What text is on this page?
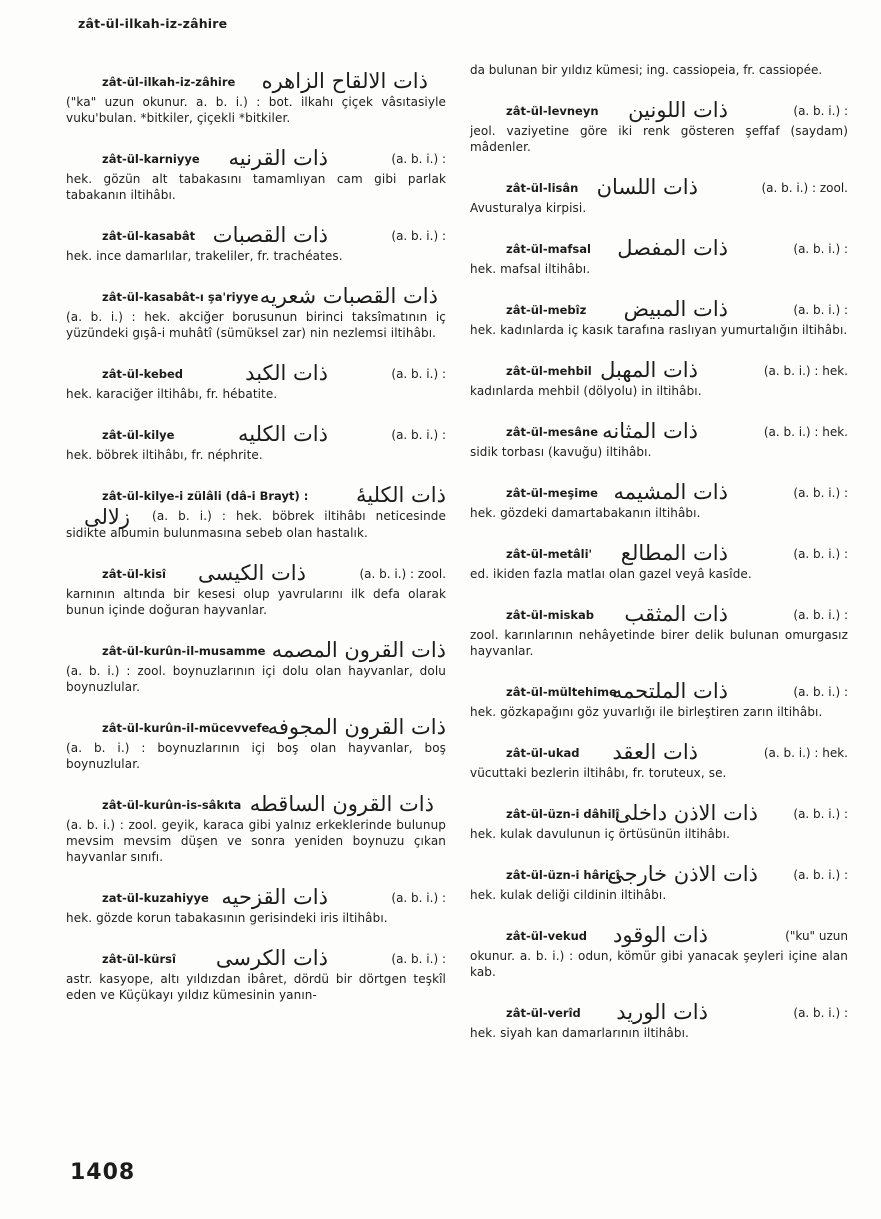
zât-ül-ilkah-iz-zâhire
zât-ül-ilkah-iz-zâhire ذات الالقاح الزاهره
("ka" uzun okunur. a. b. i.) : bot. ilkahı çiçek vâsıtasiyle vuku'bulan. *bitkiler, çiçekli *bitkiler.
zât-ül-karniyye ذات القرنيه	(a. b. i.) :
hek. gözün alt tabakasını tamamlıyan cam gibi parlak tabakanın iltihâbı.
zât-ül-kasabât ذات القصبات	(a. b. i.) :
hek. ince damarlılar, trakeliler, fr. trachéates.
zât-ül-kasabât-ı şa'riyye ذات القصبات شعريه
(a. b. i.) : hek. akciğer borusunun birinci taksîmatının iç yüzündeki gışâ-i muhâtî (sümüksel zar) nin nezlemsi iltihâbı.
zât-ül-kebed	ذات الكبد	(a. b. i.) :
hek. karaciğer iltihâbı, fr. hébatite.
zât-ül-kilye	ذات الكليه	(a. b. i.) :
hek. böbrek iltihâbı, fr. néphrite.
zât-ül-kilye-i zülâli (dâ-i Brayt) : ذات الكليهٔ
زلالى (a. b. i.) : hek. böbrek iltihâbı neticesinde sidikte albumin bulunmasına sebeb olan hastalık.
zât-ül-kisî ذات الكيسى	(a. b. i.) : zool.
karnının altında bir kesesi olup yavrularını ilk defa olarak bunun içinde doğuran hayvanlar.
zât-ül-kurûn-il-musamme ذات القرون المصمه
(a. b. i.) : zool. boynuzlarının içi dolu olan hayvanlar, dolu boynuzlular.
zât-ül-kurûn-il-mücevvefe
ذات القرون المجوفه
(a. b. i.) : boynuzlarının içi boş olan hayvanlar, boş boynuzlular.
zât-ül-kurûn-is-sâkıta ذات القرون الساقطه
(a. b. i.) : zool. geyik, karaca gibi yalnız erkeklerinde bulunup mevsim mevsim düşen ve sonra yeniden boynuzu çıkan hayvanlar sınıfı.
zat-ül-kuzahiyye ذات القزحيه	(a. b. i.) :
hek. gözde korun tabakasının gerisindeki iris iltihâbı.
zât-ül-kürsî ذات الكرسى	(a. b. i.) :
astr. kasyope, altı yıldızdan ibâret, dördü bir dörtgen teşkîl eden ve Küçükayı yıldız kümesinin yanın-
da bulunan bir yıldız kümesi; ing. cassiopeia, fr. cassiopée.
zât-ül-levneyn ذات اللونين	(a. b. i.) :
jeol. vaziyetine göre iki renk gösteren şeffaf (saydam) mâdenler.
zât-ül-lisân ذات اللسان	(a. b. i.) : zool.
Avusturalya kirpisi.
zât-ül-mafsal ذات المفصل	(a. b. i.) :
hek. mafsal iltihâbı.
zât-ül-mebîz ذات المبيض	(a. b. i.) :
hek. kadınlarda iç kasık tarafına raslıyan yumurtalığın iltihâbı.
zât-ül-mehbil ذات المهبل	(a. b. i.) : hek.
kadınlarda mehbil (dölyolu) in iltihâbı.
zât-ül-mesâne ذات المثانه	(a. b. i.) : hek.
sidik torbası (kavuğu) iltihâbı.
zât-ül-meşime ذات المشيمه	(a. b. i.) :
hek. gözdeki damartabakanın iltihâbı.
zât-ül-metâli' ذات المطالع	(a. b. i.) :
ed. ikiden fazla matlaı olan gazel veyâ kasîde.
zât-ül-miskab ذات المثقب	(a. b. i.) :
zool. karınlarının nehâyetinde birer delik bulunan omurgasız hayvanlar.
zât-ül-mültehime
ذات الملتحمه	(a. b. i.) :
hek. gözkapağını göz yuvarlığı ile birleştiren zarın iltihâbı.
zât-ül-ukad ذات العقد	(a. b. i.) : hek.
vücuttaki bezlerin iltihâbı, fr. toruteux, se.
zât-ül-üzn-i dâhilî
ذات الاذن داخلى	(a. b. i.) :
hek. kulak davulunun iç örtüsünün iltihâbı.
zât-ül-üzn-i hâricî
ذات الاذن خارجى	(a. b. i.) :
hek. kulak deliği cildinin iltihâbı.
zât-ül-vekud ذات الوقود	("ku" uzun
okunur. a. b. i.) : odun, kömür gibi yanacak şeyleri içine alan kab.
zât-ül-verîd ذات الوريد	(a. b. i.) :
hek. siyah kan damarlarının iltihâbı.
1408
